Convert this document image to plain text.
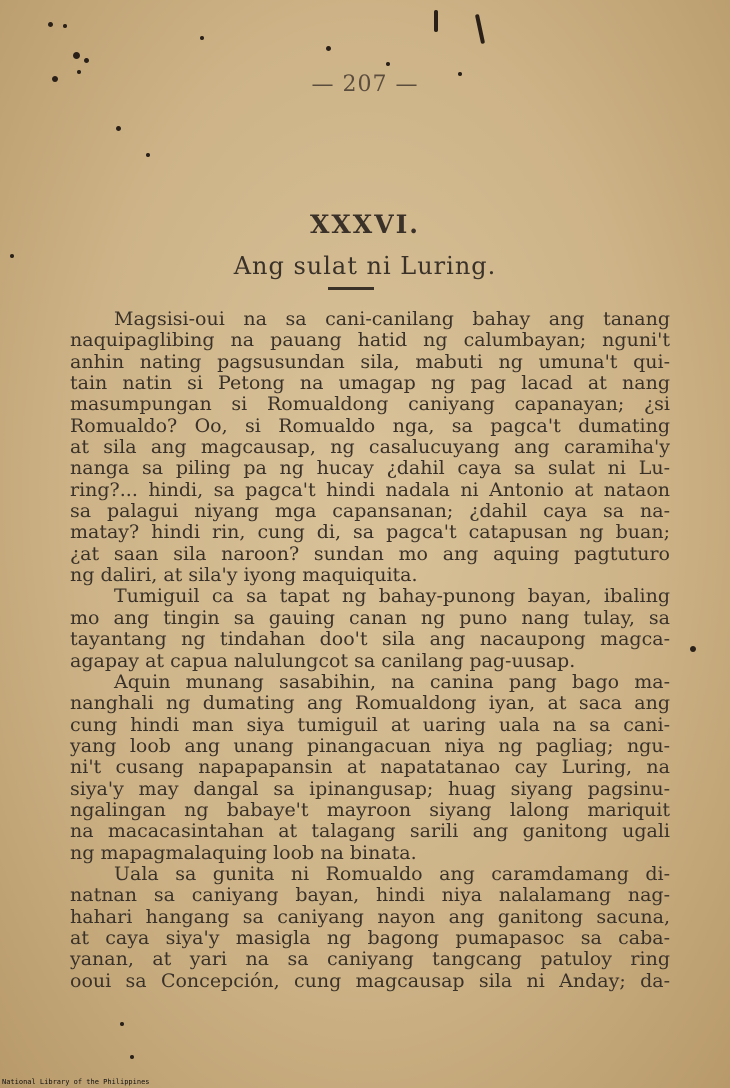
— 207 —
XXXVI.
Ang sulat ni Luring.
Magsisi-oui na sa cani-canilang bahay ang tanang
naquipaglibing na pauang hatid ng calumbayan; nguni't
anhin nating pagsusundan sila, mabuti ng umuna't qui-
tain natin si Petong na umagap ng pag lacad at nang
masumpungan si Romualdong caniyang capanayan; ¿si
Romualdo? Oo, si Romualdo nga, sa pagca't dumating
at sila ang magcausap, ng casalucuyang ang caramiha'y
nanga sa piling pa ng hucay ¿dahil caya sa sulat ni Lu-
ring?... hindi, sa pagca't hindi nadala ni Antonio at nataon
sa palagui niyang mga capansanan; ¿dahil caya sa na-
matay? hindi rin, cung di, sa pagca't catapusan ng buan;
¿at saan sila naroon? sundan mo ang aquing pagtuturo
ng daliri, at sila'y iyong maquiquita.
Tumiguil ca sa tapat ng bahay-punong bayan, ibaling
mo ang tingin sa gauing canan ng puno nang tulay, sa
tayantang ng tindahan doo't sila ang nacaupong magca-
agapay at capua nalulungcot sa canilang pag-uusap.
Aquin munang sasabihin, na canina pang bago ma-
nanghali ng dumating ang Romualdong iyan, at saca ang
cung hindi man siya tumiguil at uaring uala na sa cani-
yang loob ang unang pinangacuan niya ng pagliag; ngu-
ni't cusang napapapansin at napatatanao cay Luring, na
siya'y may dangal sa ipinangusap; huag siyang pagsinu-
ngalingan ng babaye't mayroon siyang lalong mariquit
na macacasintahan at talagang sarili ang ganitong ugali
ng mapagmalaquing loob na binata.
Uala sa gunita ni Romualdo ang caramdamang di-
natnan sa caniyang bayan, hindi niya nalalamang nag-
hahari hangang sa caniyang nayon ang ganitong sacuna,
at caya siya'y masigla ng bagong pumapasoc sa caba-
yanan, at yari na sa caniyang tangcang patuloy ring
ooui sa Concepción, cung magcausap sila ni Anday; da-
National Library of the Philippines
